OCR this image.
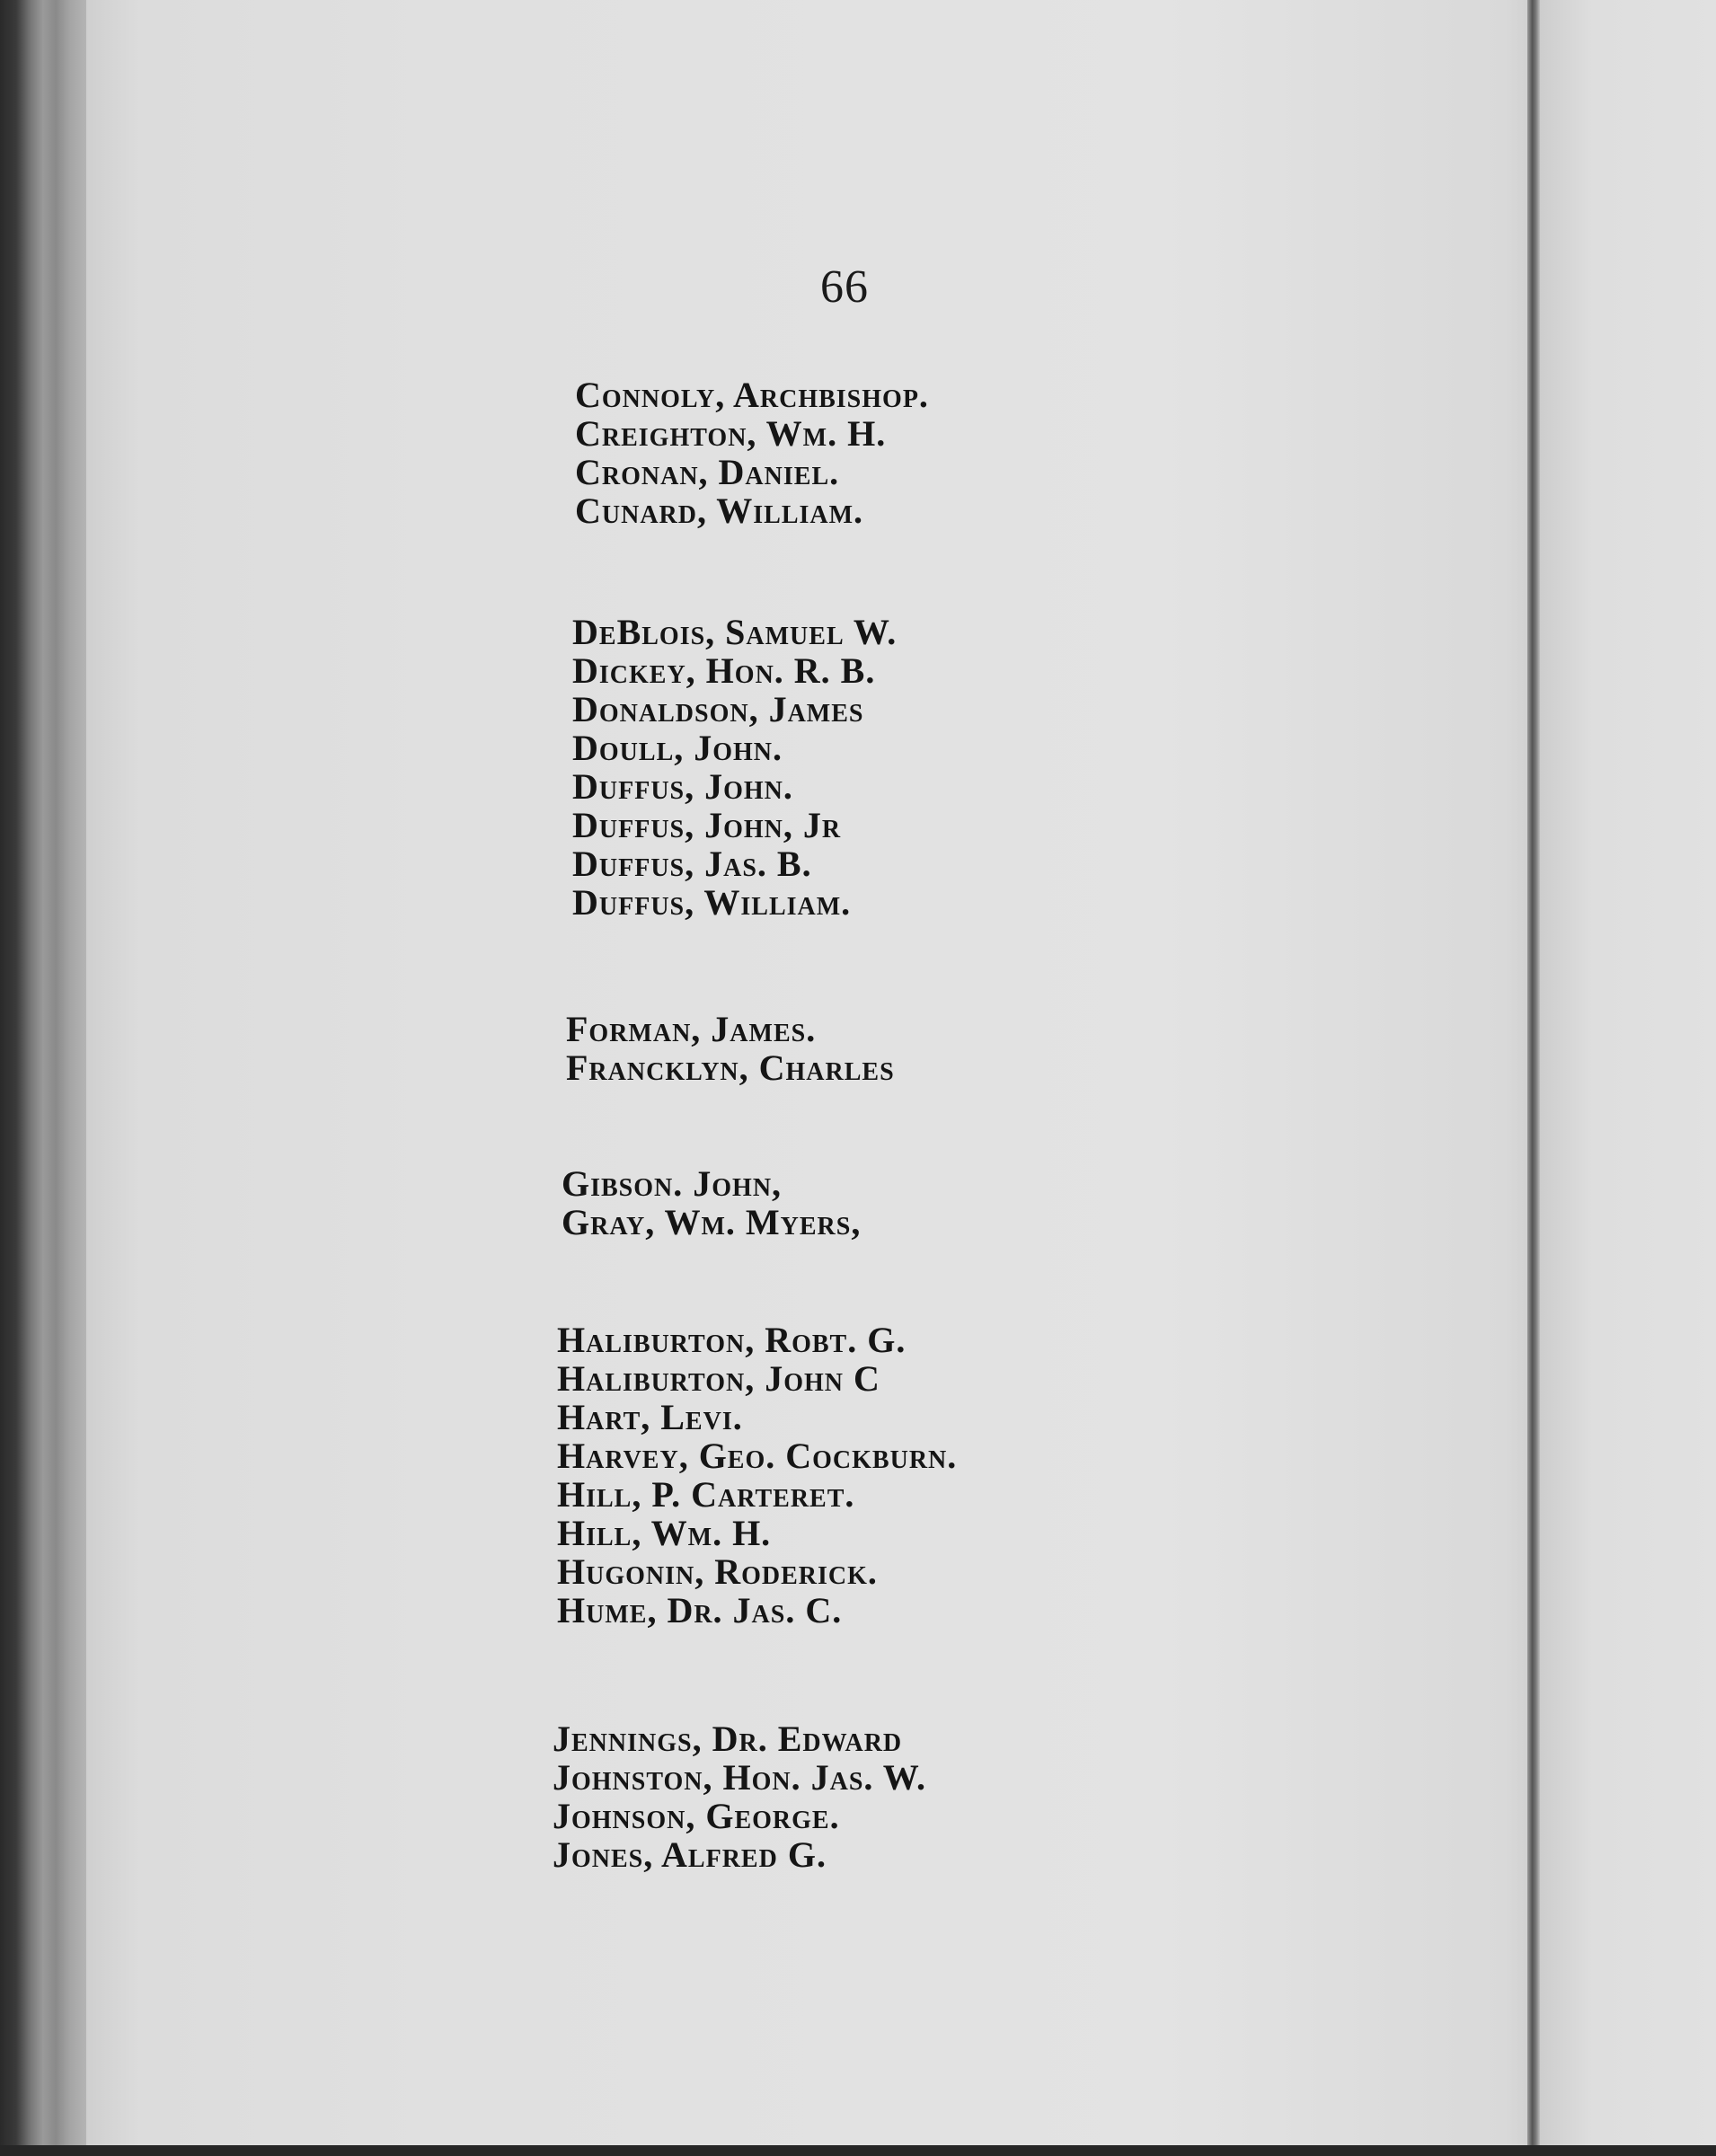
66
Connoly, Archbishop.
Creighton, Wm. H.
Cronan, Daniel.
Cunard, William.
DeBlois, Samuel W.
Dickey, Hon. R. B.
Donaldson, James
Doull, John.
Duffus, John.
Duffus, John, Jr
Duffus, Jas. B.
Duffus, William.
Forman, James.
Francklyn, Charles
Gibson. John,
Gray, Wm. Myers,
Haliburton, Robt. G.
Haliburton, John C
Hart, Levi.
Harvey, Geo. Cockburn.
Hill, P. Carteret.
Hill, Wm. H.
Hugonin, Roderick.
Hume, Dr. Jas. C.
Jennings, Dr. Edward
Johnston, Hon. Jas. W.
Johnson, George.
Jones, Alfred G.
